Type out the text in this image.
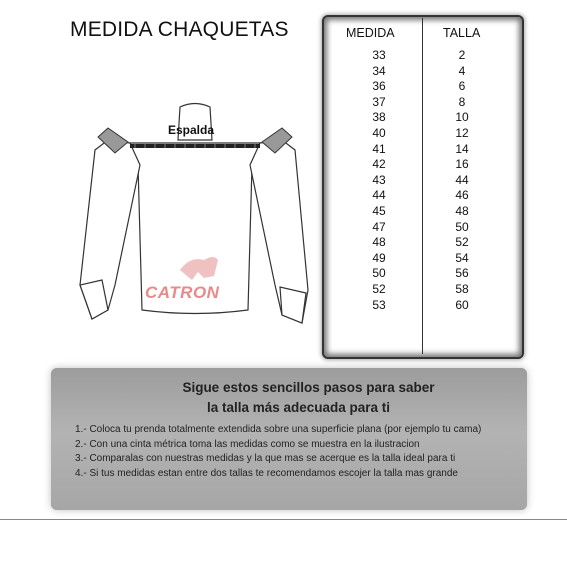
MEDIDA CHAQUETAS
Espalda
CATRON
MEDIDA	TALLA
33
34
36
37
38
40
41
42
43
44
45
47
48
49
50
52
53
2
4
6
8
10
12
14
16
44
46
48
50
52
54
56
58
60
Sigue estos sencillos pasos para saber
la talla más adecuada para ti
1.- Coloca tu prenda totalmente extendida sobre una superficie plana (por ejemplo tu cama)
2.- Con una cinta métrica toma las medidas como se muestra en la ilustracion
3.- Comparalas con nuestras medidas y la que mas se acerque es la talla ideal para ti
4.- Si tus medidas estan entre dos tallas te recomendamos escojer la talla mas grande
